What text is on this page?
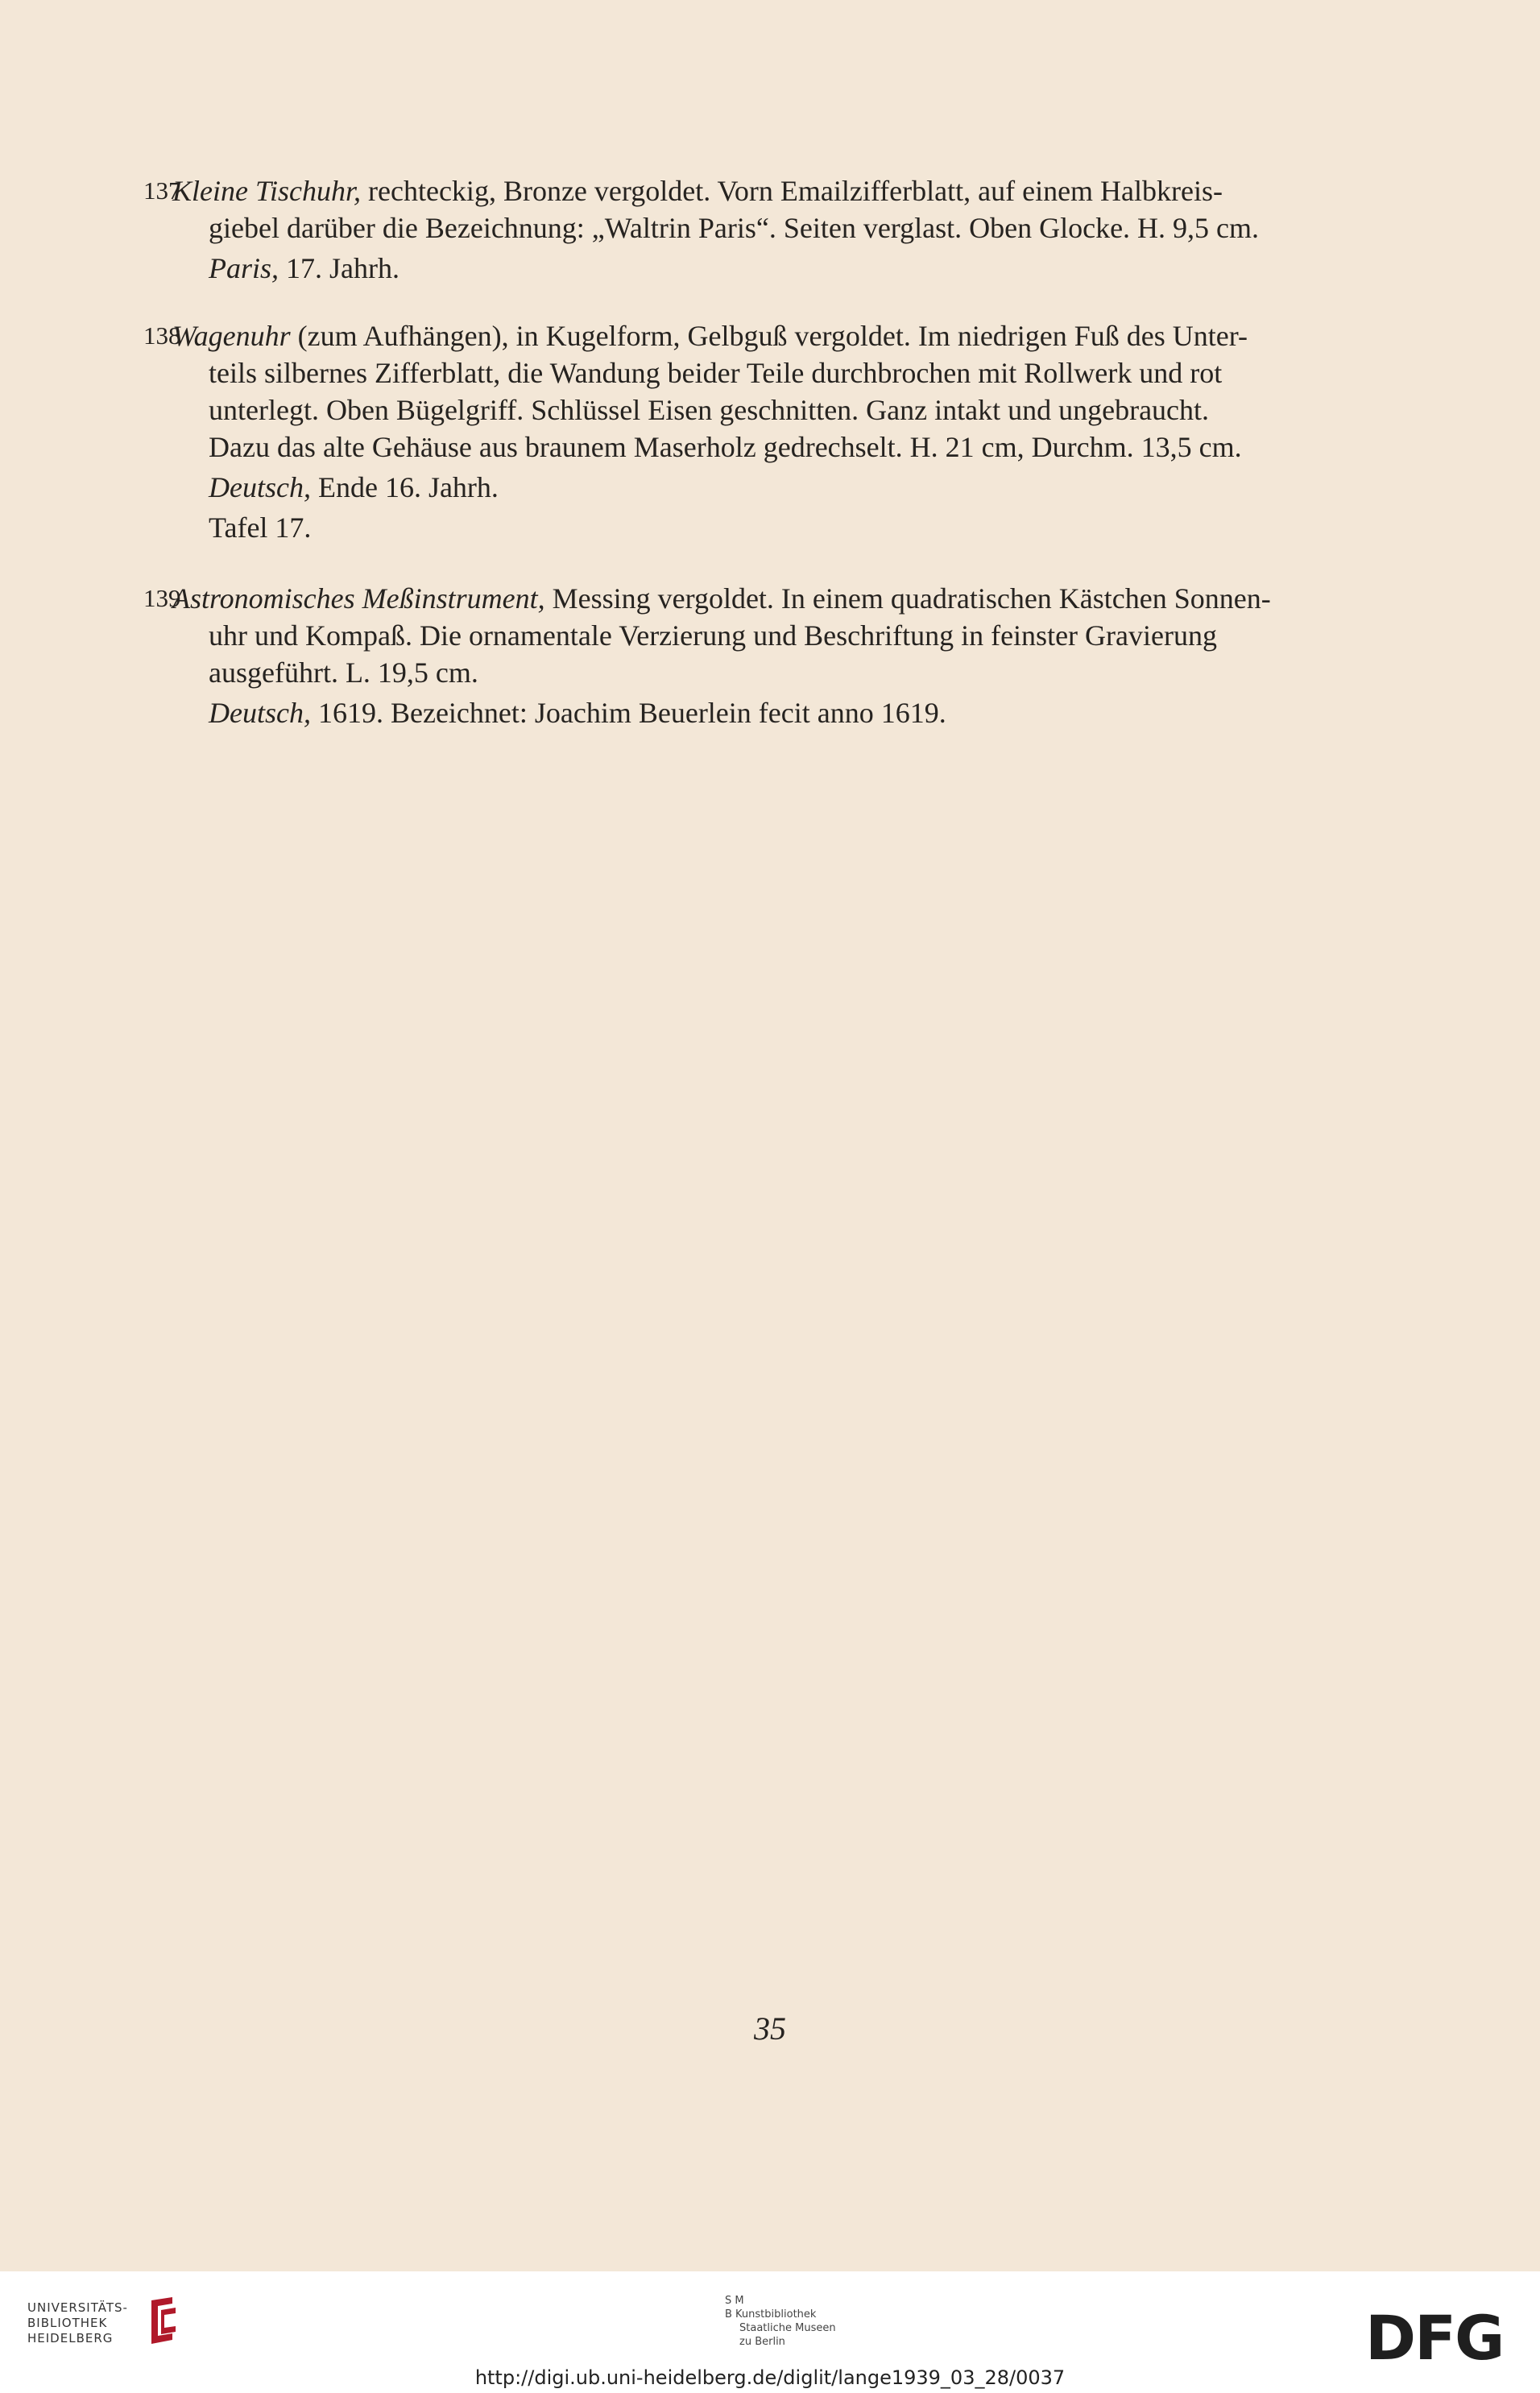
137

Kleine Tischuhr, rechteckig, Bronze vergoldet. Vorn Emailzifferblatt, auf einem Halbkreis-

giebel darüber die Bezeichnung: „Waltrin Paris“. Seiten verglast. Oben Glocke. H. 9,5 cm.

Paris, 17. Jahrh.

138

Wagenuhr (zum Aufhängen), in Kugelform, Gelbguß vergoldet. Im niedrigen Fuß des Unter-

teils silbernes Zifferblatt, die Wandung beider Teile durchbrochen mit Rollwerk und rot

unterlegt. Oben Bügelgriff. Schlüssel Eisen geschnitten. Ganz intakt und ungebraucht.

Dazu das alte Gehäuse aus braunem Maserholz gedrechselt. H. 21 cm, Durchm. 13,5 cm.

Deutsch, Ende 16. Jahrh.

Tafel 17.

139

Astronomisches Meßinstrument, Messing vergoldet. In einem quadratischen Kästchen Sonnen-

uhr und Kompaß. Die ornamentale Verzierung und Beschriftung in feinster Gravierung

ausgeführt. L. 19,5 cm.

Deutsch, 1619. Bezeichnet: Joachim Beuerlein fecit anno 1619.

35
UNIVERSITÄTS-
BIBLIOTHEK
HEIDELBERG
S M
B Kunstbibliothek
Staatliche Museen
zu Berlin	DFG
http://digi.ub.uni-heidelberg.de/diglit/lange1939_03_28/0037
